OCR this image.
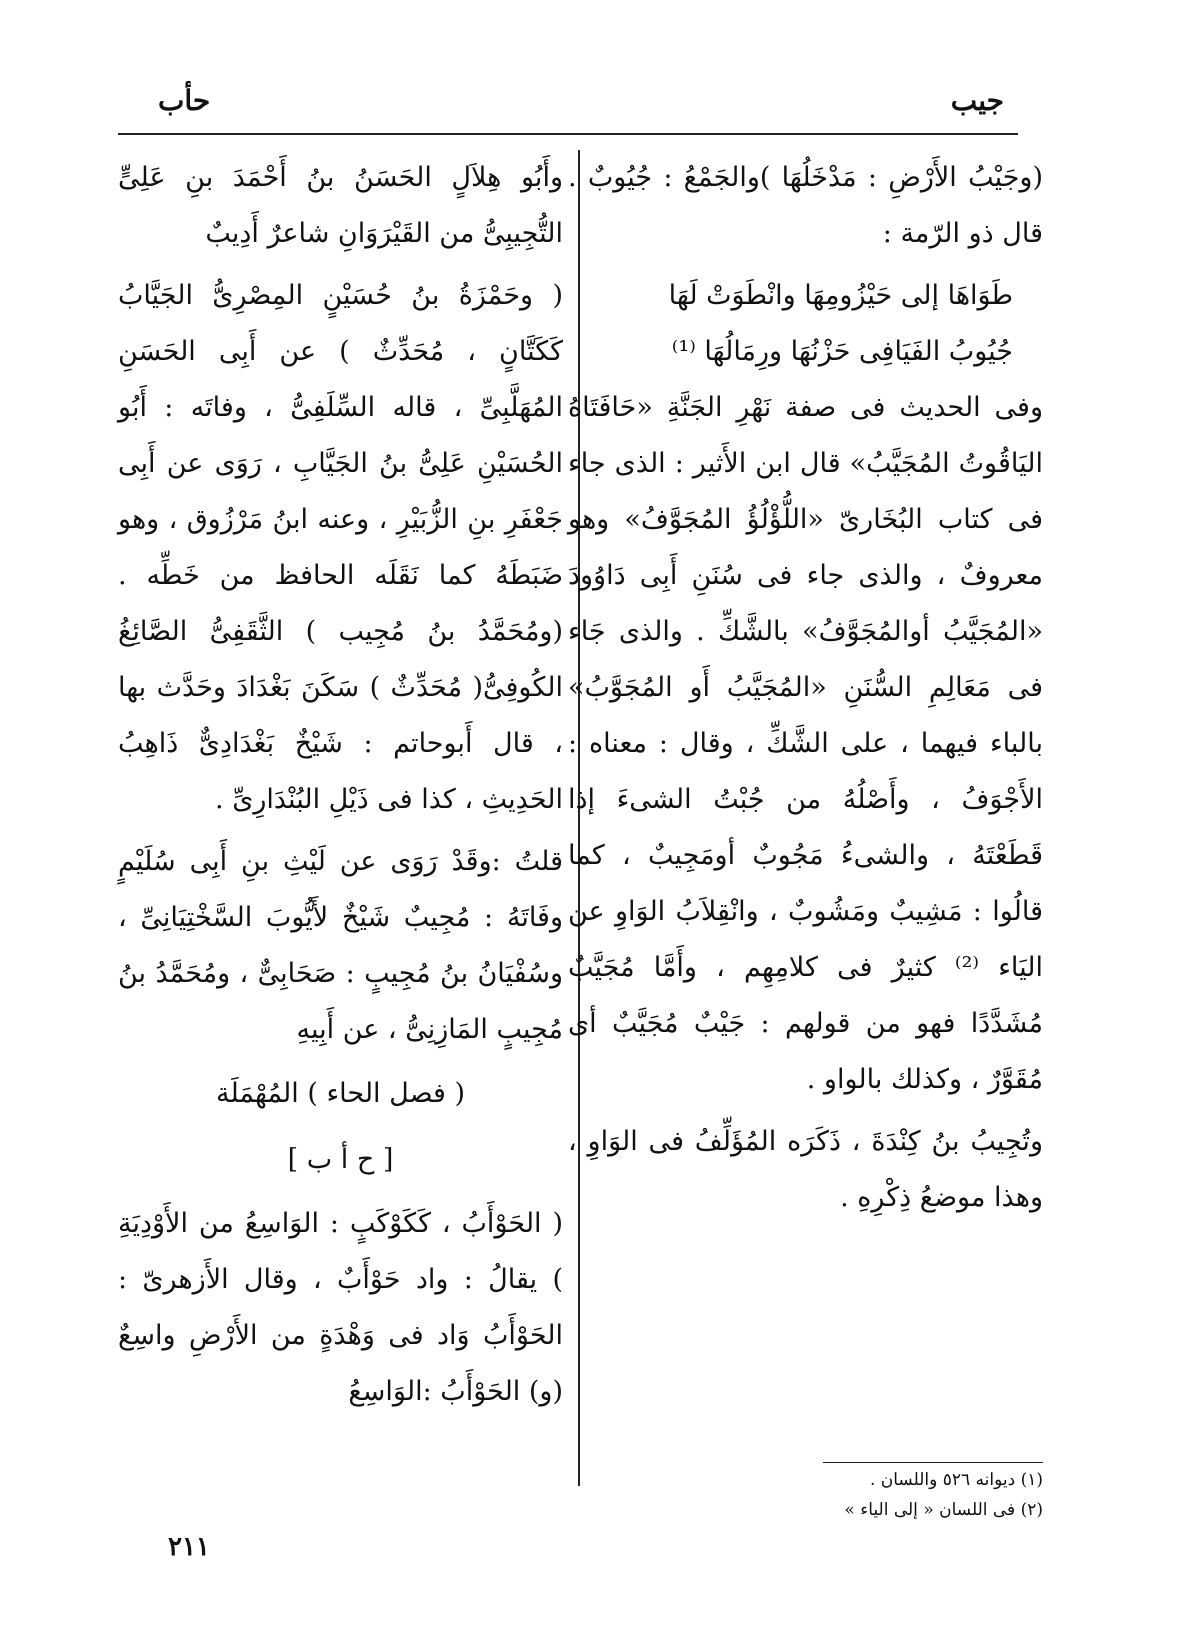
جيب
حأب

(وجَيْبُ الأَرْضِ : مَدْخَلُهَا )والجَمْعُ : جُيُوبٌ . قال ذو الرّمة :

طَوَاهَا إلى حَيْزُومِهَا وانْطَوَتْ لَهَا

جُيُوبُ الفَيَافِى حَزْنُهَا ورِمَالُهَا ⁽¹⁾

وفى الحديث فى صفة نَهْرِ الجَنَّةِ «حَافَتَاهُ اليَاقُوتُ المُجَيَّبُ» قال ابن الأَثير : الذى جاء فى كتاب البُخَارىّ «اللُّؤْلُؤُ المُجَوَّفُ» وهو معروفٌ ، والذى جاء فى سُنَنِ أَبِى دَاوُودَ «المُجَيَّبُ أوالمُجَوَّفُ» بالشَّكِّ . والذى جَاء فى مَعَالِمِ السُّنَنِ «المُجَيَّبُ أَو المُجَوَّبُ» بالباء فيهما ، على الشَّكِّ ، وقال : معناه : الأَجْوَفُ ، وأَصْلُهُ من جُبْتُ الشىءَ إذا قَطَعْتَهُ ، والشىءُ مَجُوبٌ أومَجِيبٌ ، كما قالُوا : مَشِيبٌ ومَشُوبٌ ، وانْقِلاَبُ الوَاوِ عن اليَاء ⁽²⁾ كثيرٌ فى كلامِهِم ، وأَمَّا مُجَيَّبٌ مُشَدَّدًا فهو من قولهم : جَيْبٌ مُجَيَّبٌ أى مُقَوَّرٌ ، وكذلك بالواو .

وتُجِيبُ بنُ كِنْدَةَ ، ذَكَرَه المُؤَلِّفُ فى الوَاوِ ، وهذا موضعُ ذِكْرِهِ .

(١) ديوانه ٥٢٦ واللسان .
(٢) فى اللسان « إلى الياء »

وأَبُو هِلاَلٍ الحَسَنُ بنُ أَحْمَدَ بنِ عَلِىٍّ التُّجِيبِىُّ من القَيْرَوَانِ شاعرٌ أَدِيبٌ

( وحَمْزَةُ بنُ حُسَيْنٍ المِصْرِىُّ الجَيَّابُ كَكَتَّانٍ ، مُحَدِّثٌ ) عن أَبِى الحَسَنِ المُهَلَّبِىِّ ، قاله السِّلَفِىُّ ، وفاتَه : أَبُو الحُسَيْنِ عَلِىُّ بنُ الجَيَّابِ ، رَوَى عن أَبِى جَعْفَرِ بنِ الزُّبَيْرِ ، وعنه ابنُ مَرْزُوق ، وهو ضَبَطَهُ كما نَقَلَه الحافظ من خَطِّه . (ومُحَمَّدُ بنُ مُجِيب ) الثَّقَفِىُّ الصَّائِغُ الكُوفِىُّ( مُحَدِّثٌ ) سَكَنَ بَغْدَادَ وحَدَّث بها ، قال أَبوحاتم : شَيْخٌ بَغْدَادِىٌّ ذَاهِبُ الحَدِيثِ ، كذا فى ذَيْلِ البُنْدَارِىِّ .

قلتُ :وقَدْ رَوَى عن لَيْثِ بنِ أَبِى سُلَيْمٍ وفَاتَهُ : مُجِيبٌ شَيْخٌ لأَيُّوبَ السَّخْتِيَانِىِّ ، وسُفْيَانُ بنُ مُجِيبٍ : صَحَابِىٌّ ، ومُحَمَّدُ بنُ مُجِيبٍ المَازِنِىُّ ، عن أَبِيهِ

( فصل الحاء ) المُهْمَلَة

[ ح أ ب ]

( الحَوْأَبُ ، كَكَوْكَبٍ : الوَاسِعُ من الأَوْدِيَةِ ) يقالُ : واد حَوْأَبٌ ، وقال الأَزهرىّ : الحَوْأَبُ وَاد فى وَهْدَةٍ من الأَرْضِ واسِعٌ (و) الحَوْأَبُ :الوَاسِعُ

٢١١
